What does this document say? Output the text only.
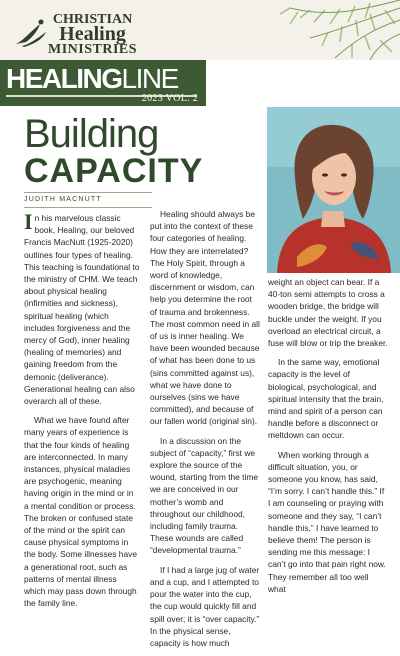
CHRISTIAN
Healing
MINISTRIES
HEALINGLINE
2023 VOL. 2
Building
CAPACITY
JUDITH MACNUTT

In his marvelous classic book, Healing, our beloved Francis MacNutt (1925-2020) outlines four types of healing. This teaching is foundational to the ministry of CHM. We teach about physical healing (infirmities and sickness), spiritual healing (which includes forgiveness and the mercy of God), inner healing (healing of memories) and gaining freedom from the demonic (deliverance). Generational healing can also overarch all of these.

What we have found after many years of experience is that the four kinds of healing are interconnected. In many instances, physical maladies are psychogenic, meaning having origin in the mind or in a mental condition or process. The broken or confused state of the mind or the spirit can cause physical symptoms in the body. Some illnesses have a generational root, such as patterns of mental illness which may pass down through the family line.

Healing should always be put into the context of these four categories of healing. How they are interrelated? The Holy Spirit, through a word of knowledge, discernment or wisdom, can help you determine the root of trauma and brokenness. The most common need in all of us is inner healing. We have been wounded because of what has been done to us (sins committed against us), what we have done to ourselves (sins we have committed), and because of our fallen world (original sin).

In a discussion on the subject of “capacity,” first we explore the source of the wound, starting from the time we are conceived in our mother’s womb and throughout our childhood, including family trauma. These wounds are called “developmental trauma.”

If I had a large jug of water and a cup, and I attempted to pour the water into the cup, the cup would quickly fill and spill over; it is “over capacity.” In the physical sense, capacity is how much

weight an object can bear. If a 40-ton semi attempts to cross a wooden bridge, the bridge will buckle under the weight. If you overload an electrical circuit, a fuse will blow or trip the breaker.

In the same way, emotional capacity is the level of biological, psychological, and spiritual intensity that the brain, mind and spirit of a person can handle before a disconnect or meltdown can occur.

When working through a difficult situation, you, or someone you know, has said, “I’m sorry. I can’t handle this.” If I am counseling or praying with someone and they say, “I can’t handle this,” I have learned to believe them! The person is sending me this message: I can’t go into that pain right now. They remember all too well what
